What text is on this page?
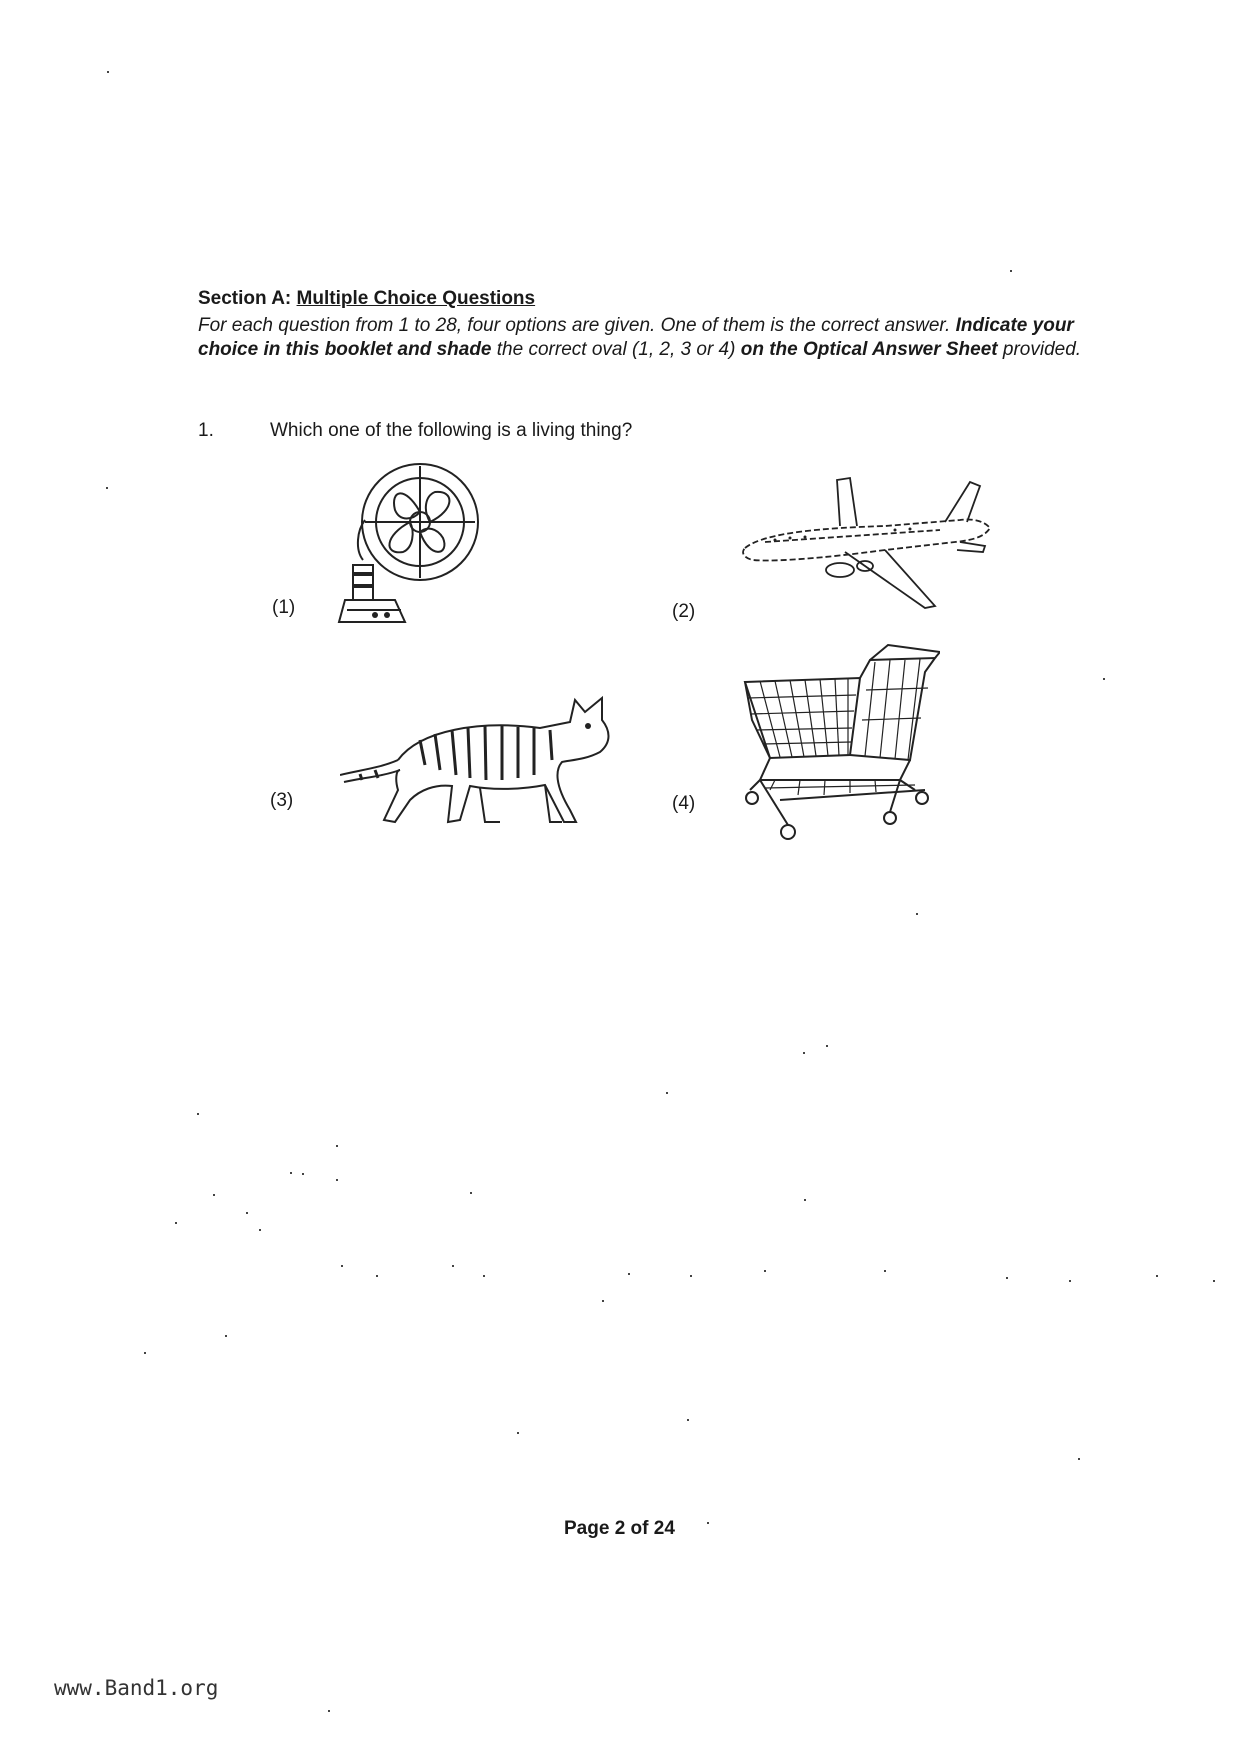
Section A: Multiple Choice Questions
For each question from 1 to 28, four options are given. One of them is the correct answer. Indicate your choice in this booklet and shade the correct oval (1, 2, 3 or 4) on the Optical Answer Sheet provided.
1.	Which one of the following is a living thing?
(1)	(2)
(3)	(4)
Page 2 of 24
www.Band1.org
